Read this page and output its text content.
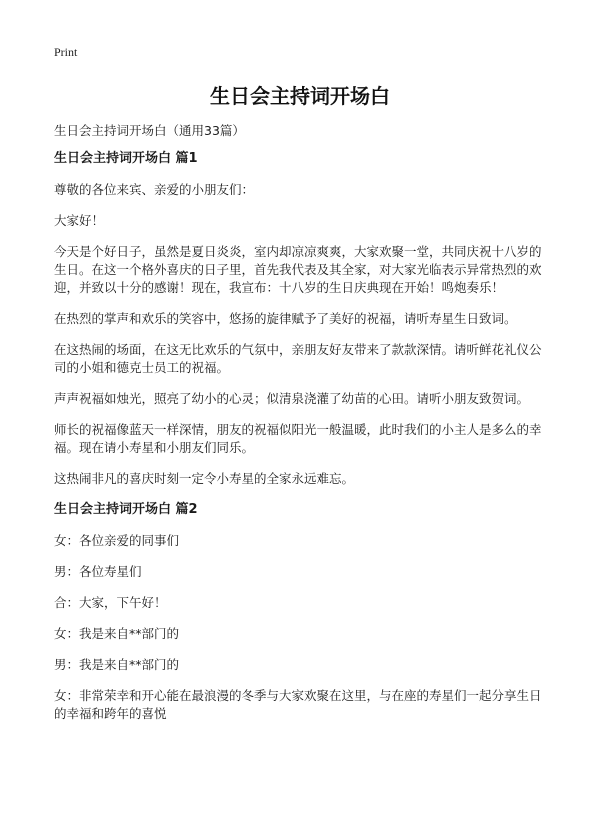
Print
生日会主持词开场白
生日会主持词开场白（通用33篇）
生日会主持词开场白 篇1

尊敬的各位来宾、亲爱的小朋友们：

大家好！

今天是个好日子，虽然是夏日炎炎，室内却凉凉爽爽，大家欢聚一堂，共同庆祝十八岁的生日。在这一个格外喜庆的日子里，首先我代表及其全家，对大家光临表示异常热烈的欢迎，并致以十分的感谢！现在，我宣布：十八岁的生日庆典现在开始！鸣炮奏乐！

在热烈的掌声和欢乐的笑容中，悠扬的旋律赋予了美好的祝福，请听寿星生日致词。

在这热闹的场面，在这无比欢乐的气氛中，亲朋友好友带来了款款深情。请听鲜花礼仪公司的小姐和德克士员工的祝福。

声声祝福如烛光，照亮了幼小的心灵；似清泉浇灌了幼苗的心田。请听小朋友致贺词。

师长的祝福像蓝天一样深情，朋友的祝福似阳光一般温暖，此时我们的小主人是多么的幸福。现在请小寿星和小朋友们同乐。

这热闹非凡的喜庆时刻一定令小寿星的全家永远难忘。

生日会主持词开场白 篇2

女：各位亲爱的同事们

男：各位寿星们

合：大家，下午好！

女：我是来自**部门的

男：我是来自**部门的

女：非常荣幸和开心能在最浪漫的冬季与大家欢聚在这里，与在座的寿星们一起分享生日的幸福和跨年的喜悦
